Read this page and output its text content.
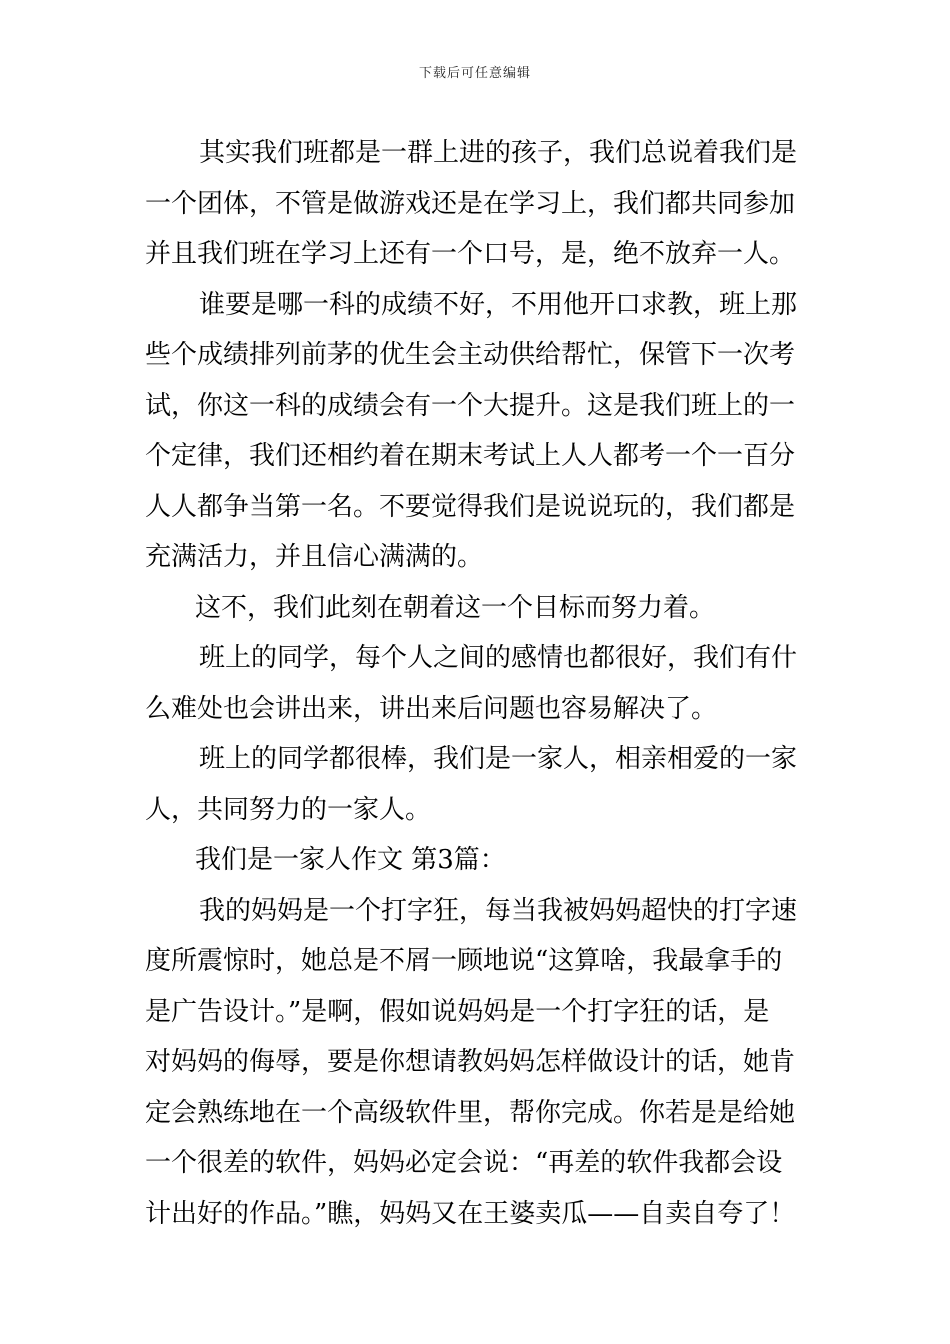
下载后可任意编辑
其实我们班都是一群上进的孩子，我们总说着我们是
一个团体，不管是做游戏还是在学习上，我们都共同参加
并且我们班在学习上还有一个口号，是，绝不放弃一人。
谁要是哪一科的成绩不好，不用他开口求教，班上那
些个成绩排列前茅的优生会主动供给帮忙，保管下一次考
试，你这一科的成绩会有一个大提升。这是我们班上的一
个定律，我们还相约着在期末考试上人人都考一个一百分
人人都争当第一名。不要觉得我们是说说玩的，我们都是
充满活力，并且信心满满的。
这不，我们此刻在朝着这一个目标而努力着。
班上的同学，每个人之间的感情也都很好，我们有什
么难处也会讲出来，讲出来后问题也容易解决了。
班上的同学都很棒，我们是一家人，相亲相爱的一家
人，共同努力的一家人。
我们是一家人作文 第3篇：
我的妈妈是一个打字狂，每当我被妈妈超快的打字速
度所震惊时，她总是不屑一顾地说“这算啥，我最拿手的
是广告设计。”是啊，假如说妈妈是一个打字狂的话，是
对妈妈的侮辱，要是你想请教妈妈怎样做设计的话，她肯
定会熟练地在一个高级软件里，帮你完成。你若是是给她
一个很差的软件，妈妈必定会说：“再差的软件我都会设
计出好的作品。”瞧，妈妈又在王婆卖瓜——自卖自夸了！
